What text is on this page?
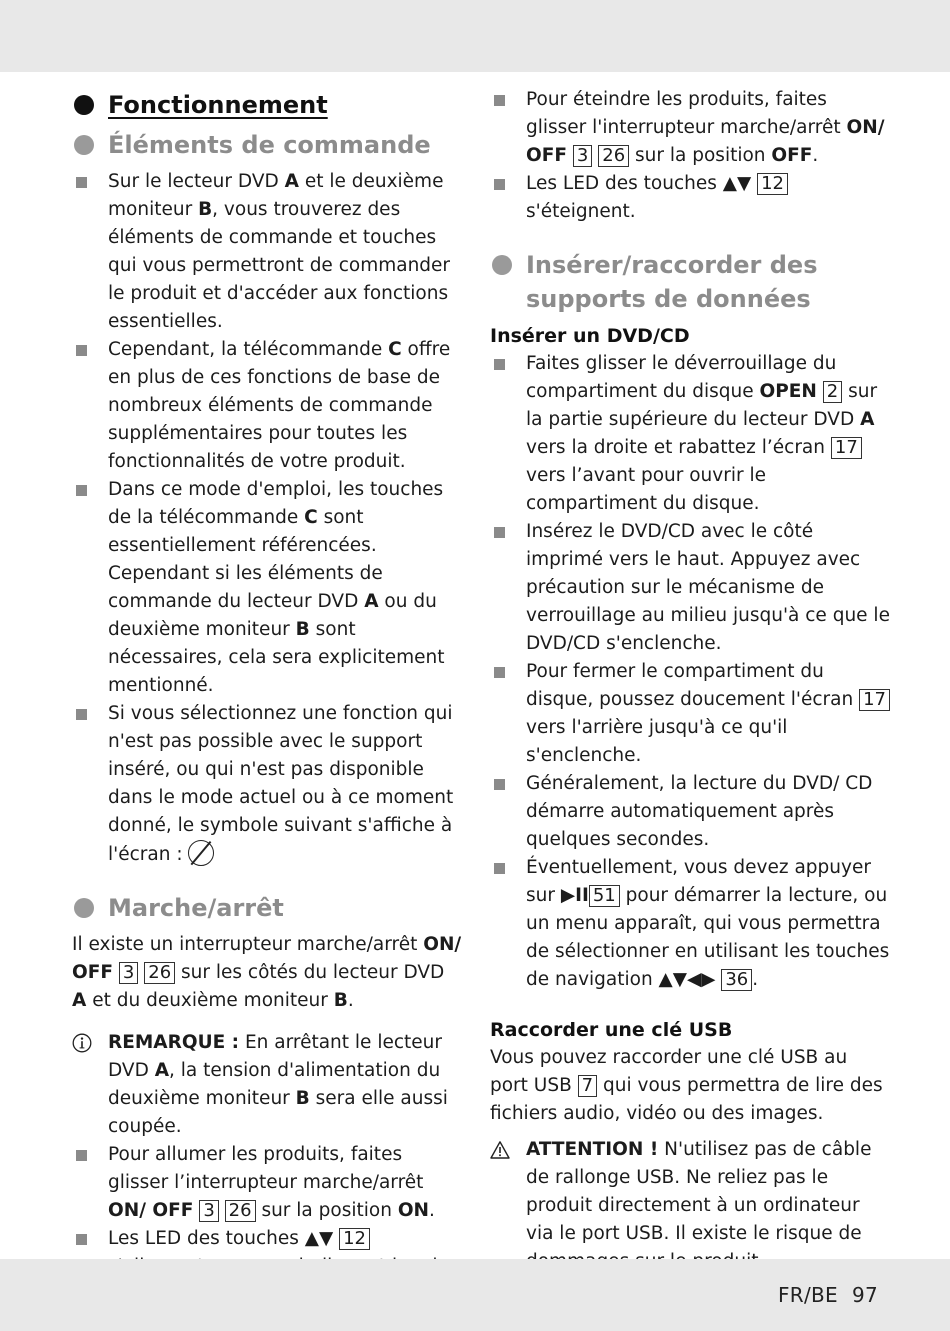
Fonctionnement
Éléments de commande
Sur le lecteur DVD A et le deuxième moniteur B, vous trouverez des éléments de commande et touches qui vous permettront de commander le produit et d'accéder aux fonctions essentielles.
Cependant, la télécommande C offre en plus de ces fonctions de base de nombreux éléments de commande supplémentaires pour toutes les fonctionnalités de votre produit.
Dans ce mode d'emploi, les touches de la télécommande C sont essentiellement référencées. Cependant si les éléments de commande du lecteur DVD A ou du deuxième moniteur B sont nécessaires, cela sera explicitement mentionné.
Si vous sélectionnez une fonction qui n'est pas possible avec le support inséré, ou qui n'est pas disponible dans le mode actuel ou à ce moment donné, le symbole suivant s'affiche à l'écran :
Marche/arrêt

Il existe un interrupteur marche/arrêt ON/ OFF 3 26 sur les côtés du lecteur DVD A et du deuxième moniteur B.

REMARQUE : En arrêtant le lecteur DVD A, la tension d'alimentation du deuxième moniteur B sera elle aussi coupée.
Pour allumer les produits, faites glisser l’interrupteur marche/arrêt ON/ OFF 3 26 sur la position ON.
Les LED des touches ▲▼ 12
Pour éteindre les produits, faites glisser l'interrupteur marche/arrêt ON/ OFF 3 26 sur la position OFF.
Les LED des touches ▲▼ 12 s'éteignent.
Insérer/raccorder des supports de données

Insérer un DVD/CD

Faites glisser le déverrouillage du compartiment du disque OPEN 2 sur la partie supérieure du lecteur DVD A vers la droite et rabattez l’écran 17 vers l’avant pour ouvrir le compartiment du disque.
Insérez le DVD/CD avec le côté imprimé vers le haut. Appuyez avec précaution sur le mécanisme de verrouillage au milieu jusqu'à ce que le DVD/CD s'enclenche.
Pour fermer le compartiment du disque, poussez doucement l'écran 17 vers l'arrière jusqu'à ce qu'il s'enclenche.
Généralement, la lecture du DVD/ CD démarre automatiquement après quelques secondes.
Éventuellement, vous devez appuyer sur ▶II 51 pour démarrer la lecture, ou un menu apparaît, qui vous permettra de sélectionner en utilisant les touches de navigation ▲▼◀▶ 36 .

Raccorder une clé USB

Vous pouvez raccorder une clé USB au port USB 7 qui vous permettra de lire des fichiers audio, vidéo ou des images.

ATTENTION ! N'utilisez pas de câble de rallonge USB. Ne reliez pas le produit directement à un ordinateur via le port USB. Il existe le risque de
FR/BE 97
